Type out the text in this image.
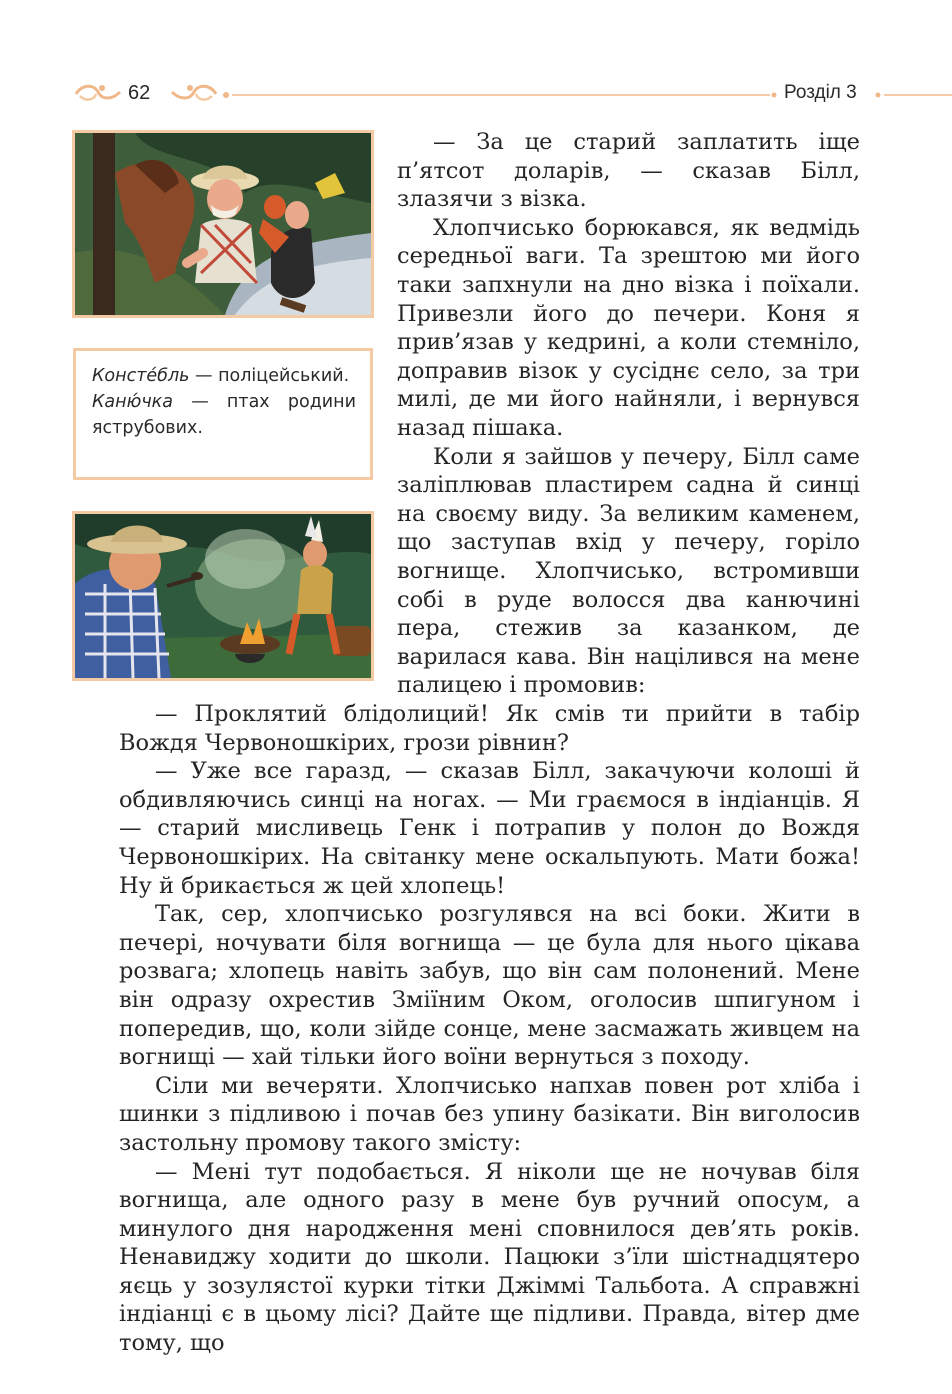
62	Розділ 3

Консте́бль — поліцейський.

Каню́чка — птах родини яструбових.

— За це старий заплатить іще п’ятсот доларів, — сказав Білл, злазячи з візка.

Хлопчисько борюкався, як ведмідь середньої ваги. Та зрештою ми його таки запхнули на дно візка і поїхали. Привезли його до печери. Коня я прив’язав у кедрині, а коли стемніло, доправив візок у сусіднє село, за три милі, де ми його найняли, і вернувся назад пішака.

Коли я зайшов у печеру, Білл саме заліплював пластирем садна й синці на своєму виду. За великим каменем, що заступав вхід у печеру, горіло вогнище. Хлопчисько, встромивши собі в руде волосся два канючині пера, стежив за казанком, де варилася кава. Він націлився на мене палицею і промовив:

— Проклятий блідолиций! Як смів ти прийти в табір Вождя Червоношкірих, грози рівнин?

— Уже все гаразд, — сказав Білл, закачуючи колоші й обдивляючись синці на ногах. — Ми граємося в індіанців. Я — старий мисливець Генк і потрапив у полон до Вождя Червоношкірих. На світанку мене оскальпують. Мати божа! Ну й брикається ж цей хлопець!

Так, сер, хлопчисько розгулявся на всі боки. Жити в печері, ночувати біля вогнища — це була для нього цікава розвага; хлопець навіть забув, що він сам полонений. Мене він одразу охрестив Зміїним Оком, оголосив шпигуном і попередив, що, коли зійде сонце, мене засмажать живцем на вогнищі — хай тільки його воїни вернуться з походу.

Сіли ми вечеряти. Хлопчисько напхав повен рот хліба і шинки з підливою і почав без упину базікати. Він виголосив застольну промову такого змісту:

— Мені тут подобається. Я ніколи ще не ночував біля вогнища, але одного разу в мене був ручний опосум, а минулого дня народження мені сповнилося дев’ять років. Ненавиджу ходити до школи. Пацюки з’їли шістнадцятеро яєць у зозулястої курки тітки Джіммі Тальбота. А справжні індіанці є в цьому лісі? Дайте ще підливи. Правда, вітер дме тому, що
